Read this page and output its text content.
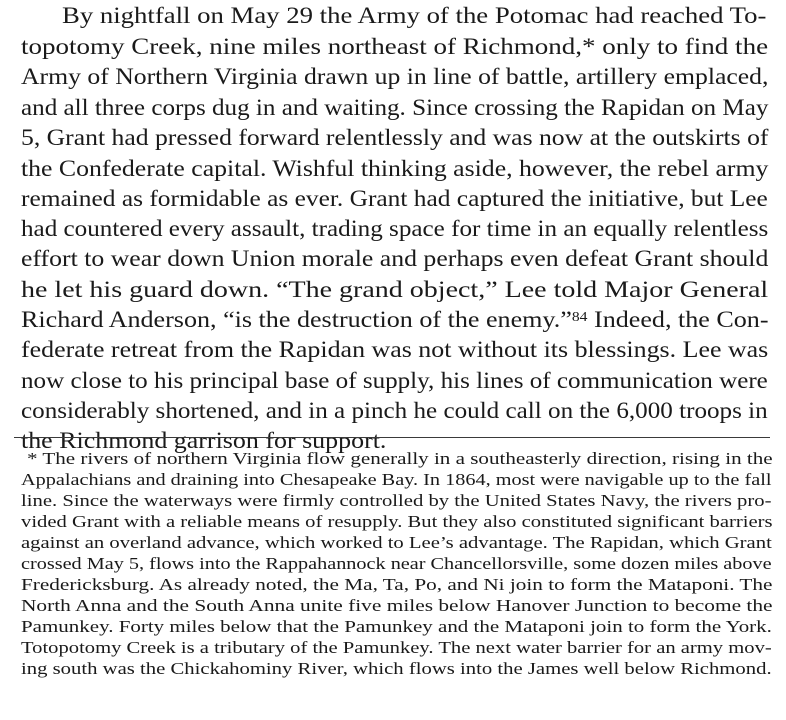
By nightfall on May 29 the Army of the Potomac had reached To-
topotomy Creek, nine miles northeast of Richmond,* only to find the
Army of Northern Virginia drawn up in line of battle, artillery emplaced,
and all three corps dug in and waiting. Since crossing the Rapidan on May
5, Grant had pressed forward relentlessly and was now at the outskirts of
the Confederate capital. Wishful thinking aside, however, the rebel army
remained as formidable as ever. Grant had captured the initiative, but Lee
had countered every assault, trading space for time in an equally relentless
effort to wear down Union morale and perhaps even defeat Grant should
he let his guard down. “The grand object,” Lee told Major General
Richard Anderson, “is the destruction of the enemy.”$^{84}$ Indeed, the Con-
federate retreat from the Rapidan was not without its blessings. Lee was
now close to his principal base of supply, his lines of communication were
considerably shortened, and in a pinch he could call on the 6,000 troops in
the Richmond garrison for support.
* The rivers of northern Virginia flow generally in a southeasterly direction, rising in the
Appalachians and draining into Chesapeake Bay. In 1864, most were navigable up to the fall
line. Since the waterways were firmly controlled by the United States Navy, the rivers pro-
vided Grant with a reliable means of resupply. But they also constituted significant barriers
against an overland advance, which worked to Lee’s advantage. The Rapidan, which Grant
crossed May 5, flows into the Rappahannock near Chancellorsville, some dozen miles above
Fredericksburg. As already noted, the Ma, Ta, Po, and Ni join to form the Mataponi. The
North Anna and the South Anna unite five miles below Hanover Junction to become the
Pamunkey. Forty miles below that the Pamunkey and the Mataponi join to form the York.
Totopotomy Creek is a tributary of the Pamunkey. The next water barrier for an army mov-
ing south was the Chickahominy River, which flows into the James well below Richmond.
